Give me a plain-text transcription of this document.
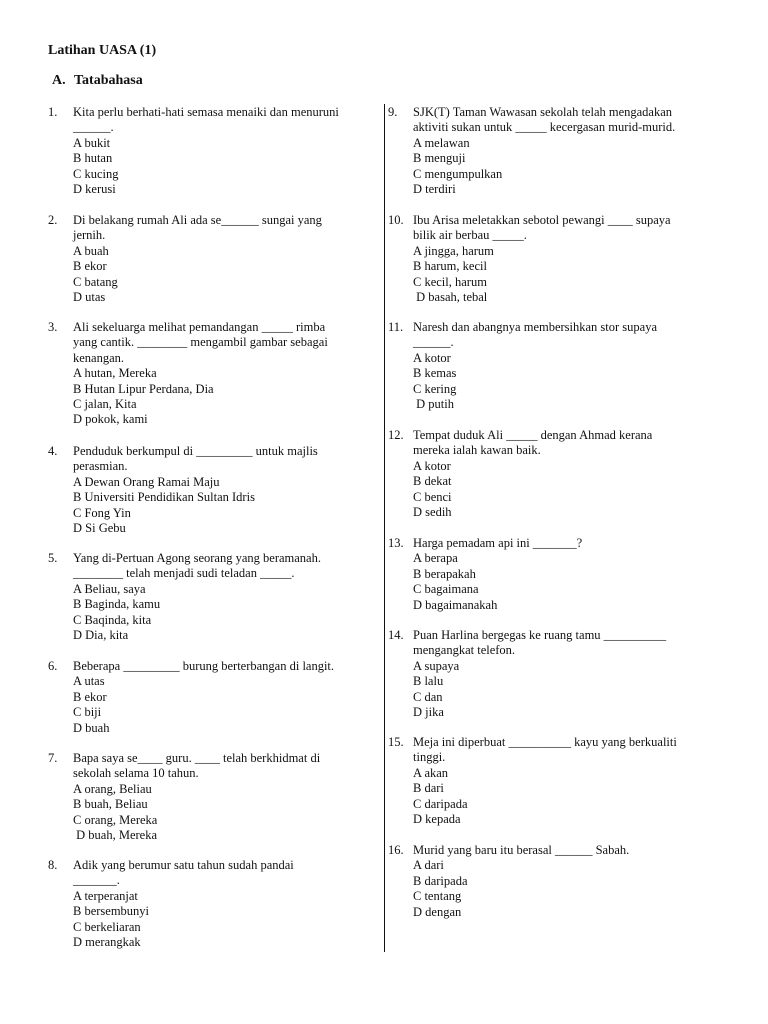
Latihan UASA (1)
A. Tatabahasa
1. Kita perlu berhati-hati semasa menaiki dan menuruni
______.
A bukit
B hutan
C kucing
D kerusi
2. Di belakang rumah Ali ada se______ sungai yang
jernih.
A buah
B ekor
C batang
D utas
3. Ali sekeluarga melihat pemandangan _____ rimba
yang cantik. ________ mengambil gambar sebagai
kenangan.
A hutan, Mereka
B Hutan Lipur Perdana, Dia
C jalan, Kita
D pokok, kami
4. Penduduk berkumpul di _________ untuk majlis
perasmian.
A Dewan Orang Ramai Maju
B Universiti Pendidikan Sultan Idris
C Fong Yin
D Si Gebu
5. Yang di-Pertuan Agong seorang yang beramanah.
________ telah menjadi sudi teladan _____.
A Beliau, saya
B Baginda, kamu
C Baqinda, kita
D Dia, kita
6. Beberapa _________ burung berterbangan di langit.
A utas
B ekor
C biji
D buah
7. Bapa saya se____ guru. ____ telah berkhidmat di
sekolah selama 10 tahun.
A orang, Beliau
B buah, Beliau
C orang, Mereka
D buah, Mereka
8. Adik yang berumur satu tahun sudah pandai
_______.
A terperanjat
B bersembunyi
C berkeliaran
D merangkak
9. SJK(T) Taman Wawasan sekolah telah mengadakan
aktiviti sukan untuk _____ kecergasan murid-murid.
A melawan
B menguji
C mengumpulkan
D terdiri
10. Ibu Arisa meletakkan sebotol pewangi ____ supaya
bilik air berbau _____.
A jingga, harum
B harum, kecil
C kecil, harum
D basah, tebal
11. Naresh dan abangnya membersihkan stor supaya
______.
A kotor
B kemas
C kering
D putih
12. Tempat duduk Ali _____ dengan Ahmad kerana
mereka ialah kawan baik.
A kotor
B dekat
C benci
D sedih
13. Harga pemadam api ini _______?
A berapa
B berapakah
C bagaimana
D bagaimanakah
14. Puan Harlina bergegas ke ruang tamu __________
mengangkat telefon.
A supaya
B lalu
C dan
D jika
15. Meja ini diperbuat __________ kayu yang berkualiti
tinggi.
A akan
B dari
C daripada
D kepada
16. Murid yang baru itu berasal ______ Sabah.
A dari
B daripada
C tentang
D dengan
